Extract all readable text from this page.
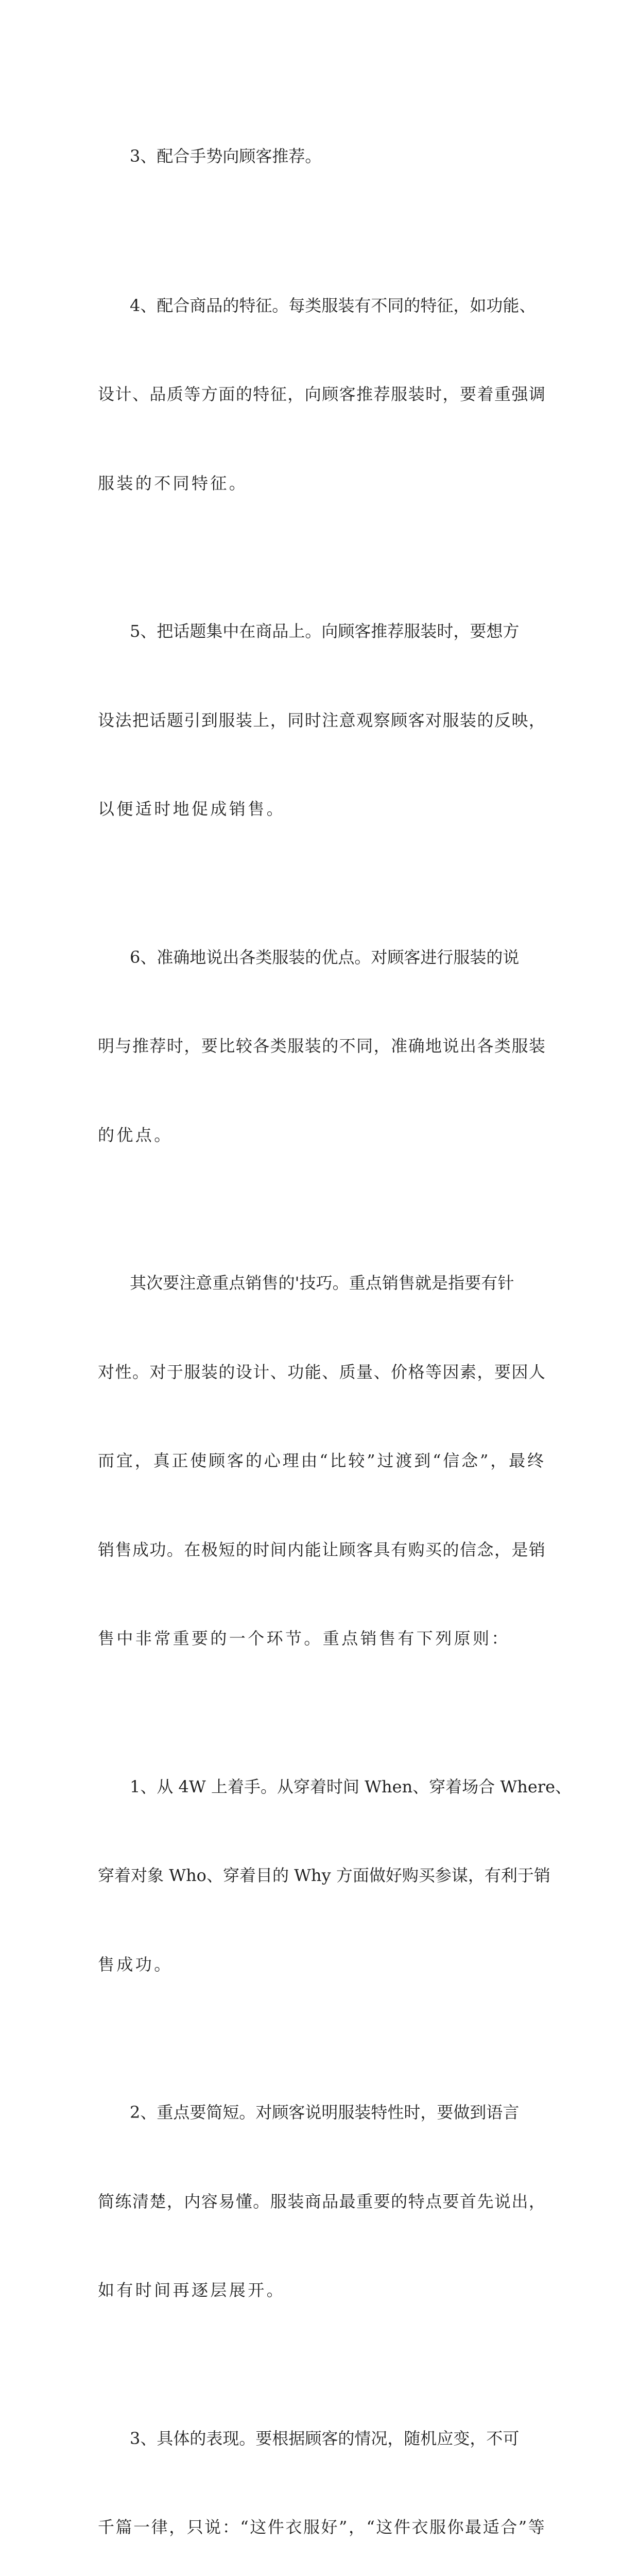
3、配合手势向顾客推荐。

4、配合商品的特征。每类服装有不同的特征，如功能、

设计、品质等方面的特征，向顾客推荐服装时，要着重强调

服装的不同特征。

5、把话题集中在商品上。向顾客推荐服装时，要想方

设法把话题引到服装上，同时注意观察顾客对服装的反映，

以便适时地促成销售。

6、准确地说出各类服装的优点。对顾客进行服装的说

明与推荐时，要比较各类服装的不同，准确地说出各类服装

的优点。

其次要注意重点销售的'技巧。重点销售就是指要有针

对性。对于服装的设计、功能、质量、价格等因素，要因人

而宜，真正使顾客的心理由“比较”过渡到“信念”，最终

销售成功。在极短的时间内能让顾客具有购买的信念，是销

售中非常重要的一个环节。重点销售有下列原则：

1、从 4W 上着手。从穿着时间 When、穿着场合 Where、

穿着对象 Who、穿着目的 Why 方面做好购买参谋，有利于销

售成功。

2、重点要简短。对顾客说明服装特性时，要做到语言

简练清楚，内容易懂。服装商品最重要的特点要首先说出，

如有时间再逐层展开。

3、具体的表现。要根据顾客的情况，随机应变，不可

千篇一律，只说：“这件衣服好”，“这件衣服你最适合”等
